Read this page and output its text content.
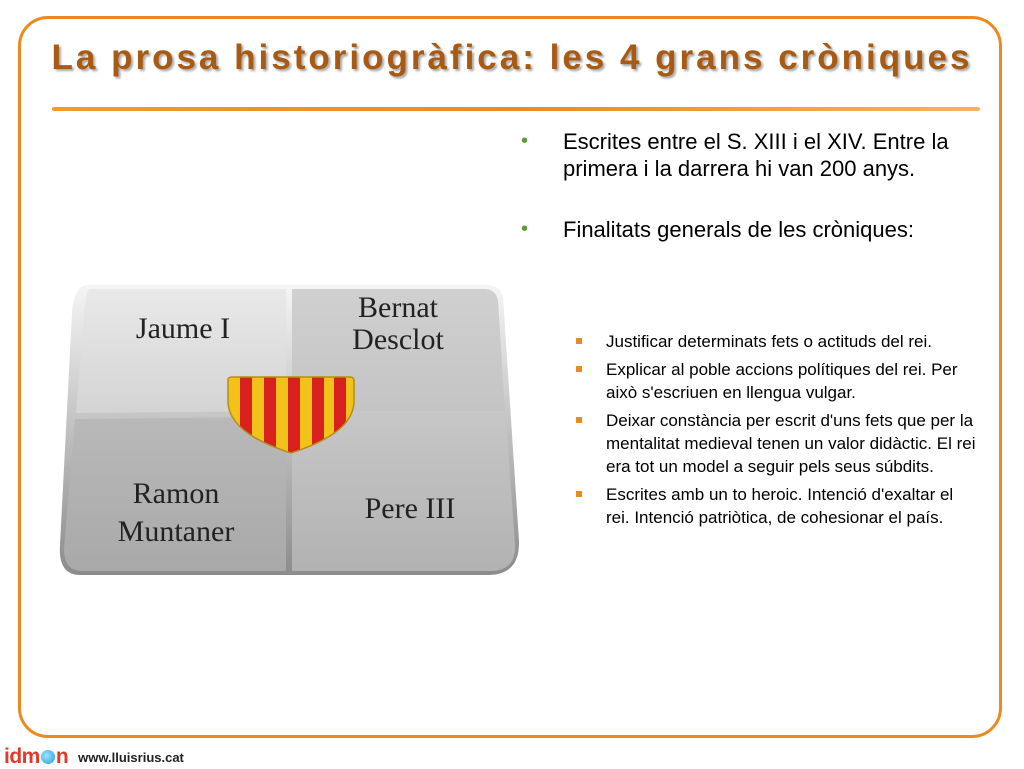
La prosa historiogràfica: les 4 grans cròniques
Jaume I
Bernat
Desclot
Ramon
Muntaner
Pere III
• Escrites entre el S. XIII i el XIV. Entre la primera i la darrera hi van 200 anys.
• Finalitats generals de les cròniques:
Justificar determinats fets o actituds del rei.
Explicar al poble accions polítiques del rei. Per això s'escriuen en llengua vulgar.
Deixar constància per escrit d'uns fets que per la mentalitat medieval tenen un valor didàctic. El rei era tot un model a seguir pels seus súbdits.
Escrites amb un to heroic. Intenció d'exaltar el rei. Intenció patriòtica, de cohesionar el país.
idm n www.lluisrius.cat
